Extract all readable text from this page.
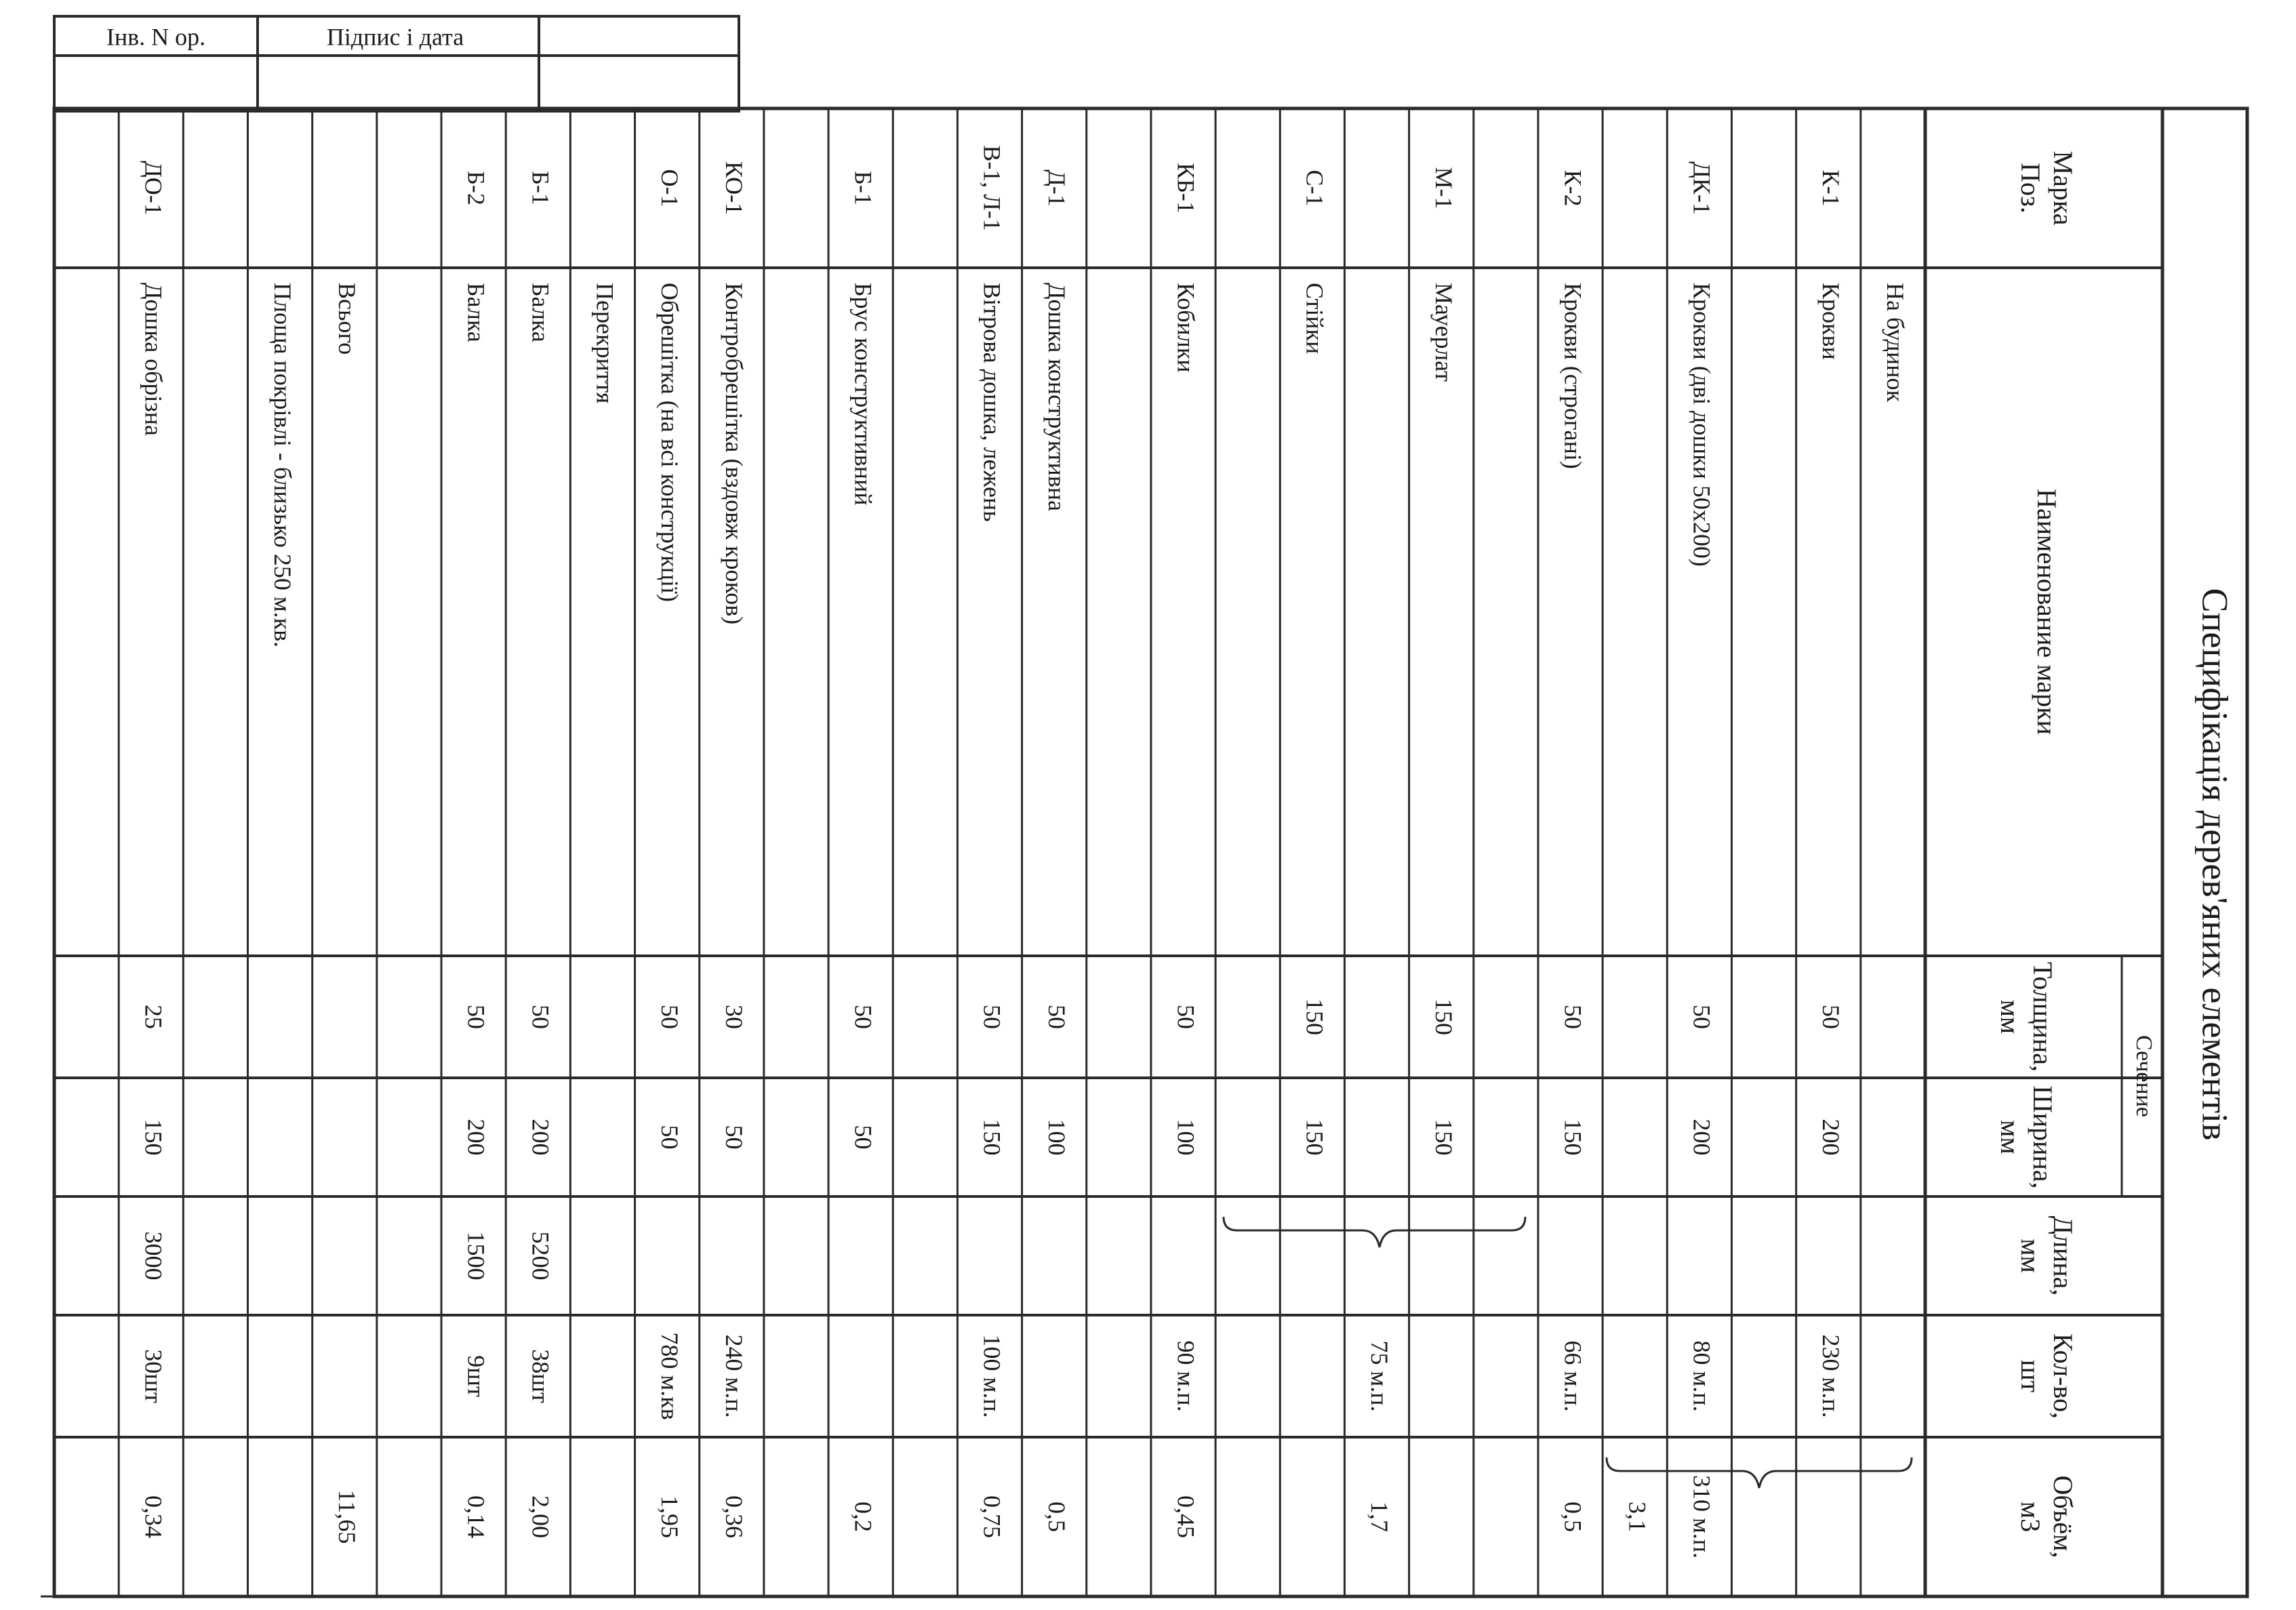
Специфікація дерев'яних елементів
Інв. N ор.	Підпис і дата
Марка
Поз.
Наименование марки
Толщина,
мм
Ширина,
мм
Сечение
Длина,
мм
Кол-во,
шт
Объём,
м3
На будинок
К-1
Крокви
50
200
230 м.п.
ДК-1
Крокви (дві дошки 50х200)
50
200
80 м.п.
310 м.п.
3,1
К-2
Крокви (строгані)
50
150
66 м.п.
0,5
М-1
Мауерлат
150
150
75 м.п.
1,7
С-1
Стійки
150
150
КБ-1
Кобилки
50
100
90 м.п.
0,45
Д-1
Дошка конструктивна
50
100
0,5
В-1, Л-1
Вітрова дошка, лежень
50
150
100 м.п.
0,75
Б-1
Брус конструктивний
50
50
0,2
КО-1
Контробрешітка (вздовж кроков)
30
50
240 м.п.
0,36
О-1
Обрешітка (на всі конструкції)
50
50
780 м.кв
1,95
Перекриття
Б-1
Балка
50
200
5200
38шт
2,00
Б-2
Балка
50
200
1500
9шт
0,14
Всього
11,65
Площа покрівлі - близько 250 м.кв.
ДО-1
Дошка обрізна
25
150
3000
30шт
0,34
